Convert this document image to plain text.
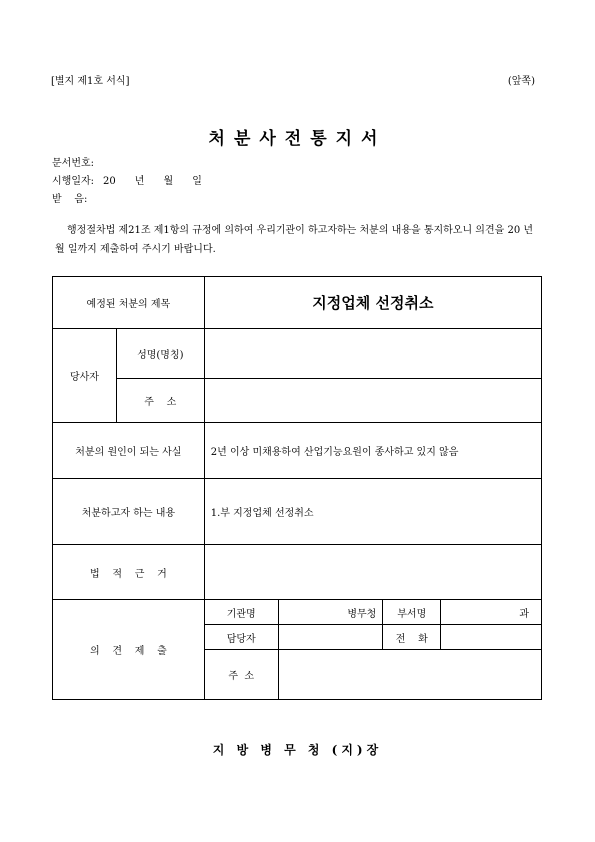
[별지 제1호 서식]	(앞쪽)
처분사전통지서
문서번호:
시행일자: 20      년      월      일
받    음:
행정절차법 제21조 제1항의 규정에 의하여 우리기관이 하고자하는 처분의 내용을 통지하오니 의견을 20 년 월 일까지 제출하여 주시기 바랍니다.
예정된 처분의 제목		지정업체 선정취소			
당사자	성명(명칭)				
	주    소				
처분의 원인이 되는 사실		2년 이상 미채용하여 산업기능요원이 종사하고 있지 않음			
처분하고자 하는 내용		1.부 지정업체 선정취소			
법    적    근    거					
의    견    제    출		기관명	병무청	부서명	과
		담당자		전    화	
		주  소			
지 방 병 무 청 (지)장
